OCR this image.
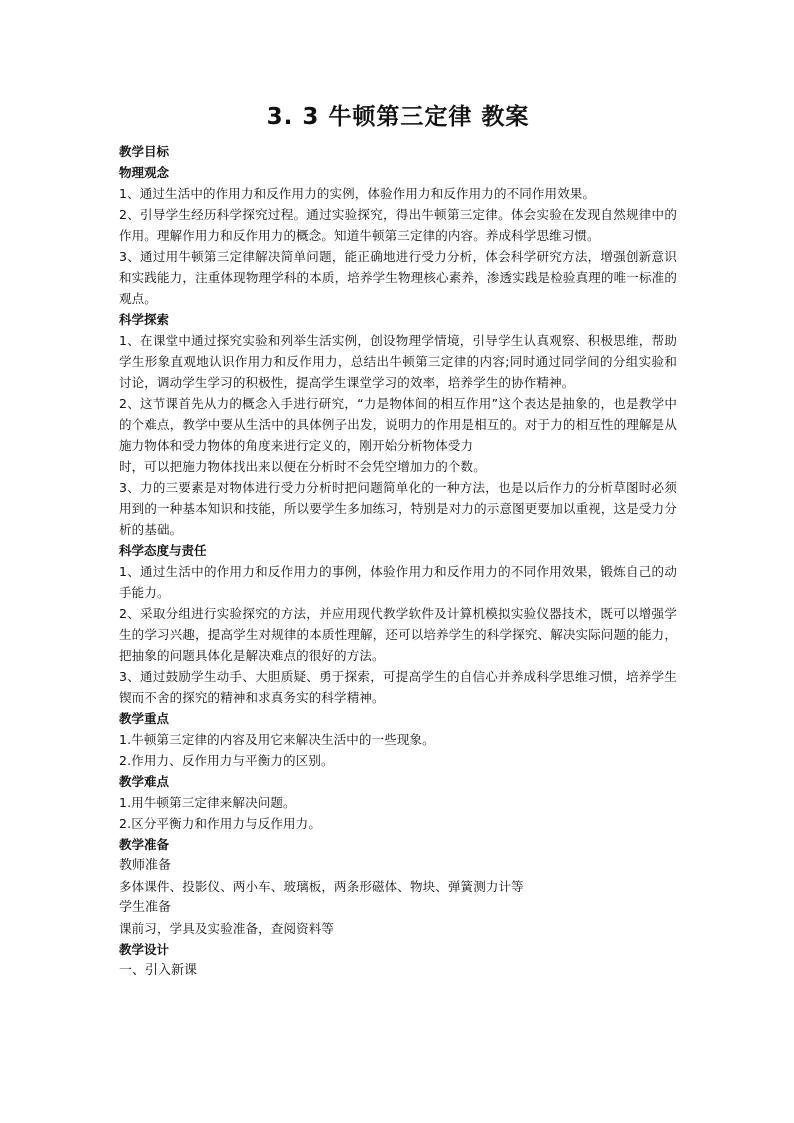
3. 3 牛顿第三定律 教案
教学目标
物理观念
1、通过生活中的作用力和反作用力的实例，体验作用力和反作用力的不同作用效果。
2、引导学生经历科学探究过程。通过实验探究，得出牛顿第三定律。体会实验在发现自然规律中的作用。理解作用力和反作用力的概念。知道牛顿第三定律的内容。养成科学思维习惯。
3、通过用牛顿第三定律解决简单问题，能正确地进行受力分析，体会科学研究方法，增强创新意识和实践能力，注重体现物理学科的本质，培养学生物理核心素养，渗透实践是检验真理的唯一标准的观点。
科学探索
1、在课堂中通过探究实验和列举生活实例，创设物理学情境，引导学生认真观察、积极思维，帮助学生形象直观地认识作用力和反作用力，总结出牛顿第三定律的内容;同时通过同学间的分组实验和讨论，调动学生学习的积极性，提高学生课堂学习的效率，培养学生的协作精神。
2、这节课首先从力的概念入手进行研究，“力是物体间的相互作用”这个表达是抽象的，也是教学中的个难点，教学中要从生活中的具体例子出发，说明力的作用是相互的。对于力的相互性的理解是从施力物体和受力物体的角度来进行定义的，刚开始分析物体受力
时，可以把施力物体找出来以便在分析时不会凭空增加力的个数。
3、力的三要素是对物体进行受力分析时把问题简单化的一种方法，也是以后作力的分析草图时必须用到的一种基本知识和技能，所以要学生多加练习，特别是对力的示意图更要加以重视，这是受力分析的基础。
科学态度与责任
1、通过生活中的作用力和反作用力的事例，体验作用力和反作用力的不同作用效果，锻炼自己的动手能力。
2、采取分组进行实验探究的方法，并应用现代教学软件及计算机模拟实验仪器技术，既可以增强学生的学习兴趣，提高学生对规律的本质性理解，还可以培养学生的科学探究、解决实际问题的能力，把抽象的问题具体化是解决难点的很好的方法。
3、通过鼓励学生动手、大胆质疑、勇于探索，可提高学生的自信心并养成科学思维习惯，培养学生锲而不舍的探究的精神和求真务实的科学精神。
教学重点
1.牛顿第三定律的内容及用它来解决生活中的一些现象。
2.作用力、反作用力与平衡力的区别。
教学难点
1.用牛顿第三定律来解决问题。
2.区分平衡力和作用力与反作用力。
教学准备
教师准备
多体课件、投影仪、两小车、玻璃板，两条形磁体、物块、弹簧测力计等
学生准备
课前习，学具及实验准备，查阅资料等
教学设计
一、引入新课
